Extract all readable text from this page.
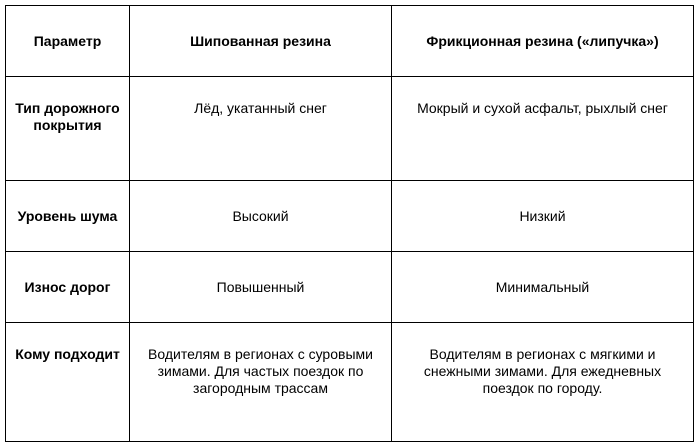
Параметр	Шипованная резина	Фрикционная резина («липучка»)
Тип дорожного покрытия	Лёд, укатанный снег	Мокрый и сухой асфальт, рыхлый снег
Уровень шума	Высокий	Низкий
Износ дорог	Повышенный	Минимальный
Кому подходит	Водителям в регионах с суровыми зимами. Для частых поездок по загородным трассам	Водителям в регионах с мягкими и снежными зимами. Для ежедневных поездок по городу.
